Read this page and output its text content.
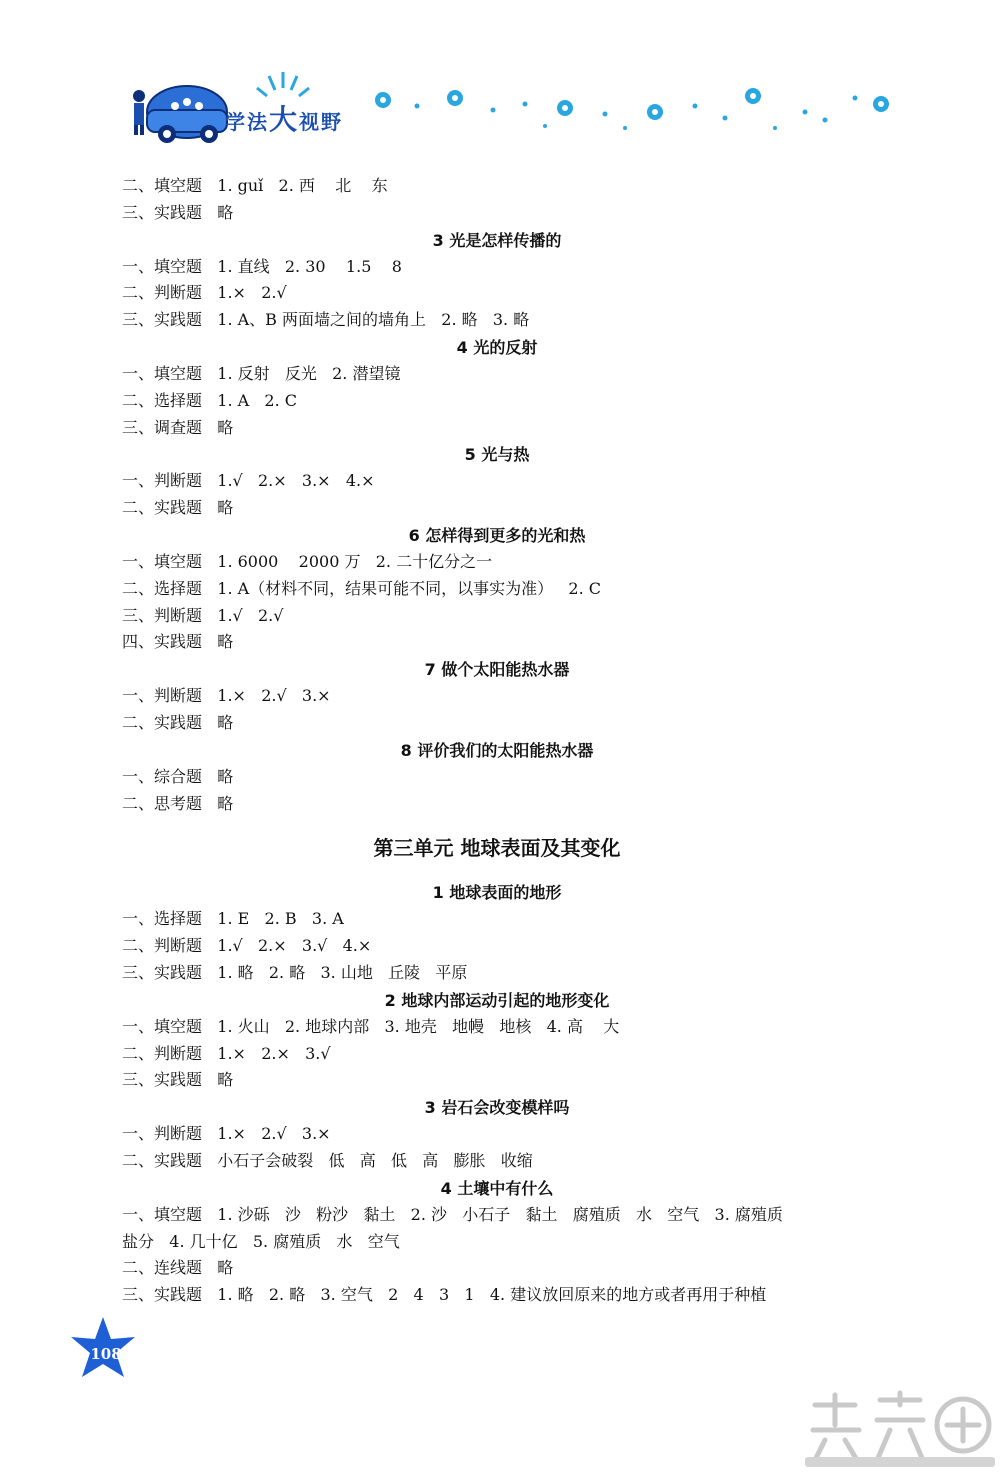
学法大视野
二、填空题   1. guǐ   2. 西    北    东
三、实践题   略
3 光是怎样传播的
一、填空题   1. 直线   2. 30    1.5    8
二、判断题   1.×   2.√
三、实践题   1. A、B 两面墙之间的墙角上   2. 略   3. 略
4 光的反射
一、填空题   1. 反射   反光   2. 潜望镜
二、选择题   1. A   2. C
三、调查题   略
5 光与热
一、判断题   1.√   2.×   3.×   4.×
二、实践题   略
6 怎样得到更多的光和热
一、填空题   1. 6000    2000 万   2. 二十亿分之一
二、选择题   1. A（材料不同，结果可能不同，以事实为准）   2. C
三、判断题   1.√   2.√
四、实践题   略
7 做个太阳能热水器
一、判断题   1.×   2.√   3.×
二、实践题   略
8 评价我们的太阳能热水器
一、综合题   略
二、思考题   略
第三单元 地球表面及其变化
1 地球表面的地形
一、选择题   1. E   2. B   3. A
二、判断题   1.√   2.×   3.√   4.×
三、实践题   1. 略   2. 略   3. 山地   丘陵   平原
2 地球内部运动引起的地形变化
一、填空题   1. 火山   2. 地球内部   3. 地壳   地幔   地核   4. 高    大
二、判断题   1.×   2.×   3.√
三、实践题   略
3 岩石会改变模样吗
一、判断题   1.×   2.√   3.×
二、实践题   小石子会破裂   低   高   低   高   膨胀   收缩
4 土壤中有什么
一、填空题   1. 沙砾   沙   粉沙   黏土   2. 沙   小石子   黏土   腐殖质   水   空气   3. 腐殖质
盐分   4. 几十亿   5. 腐殖质   水   空气
二、连线题   略
三、实践题   1. 略   2. 略   3. 空气   2   4   3   1   4. 建议放回原来的地方或者再用于种植
108
